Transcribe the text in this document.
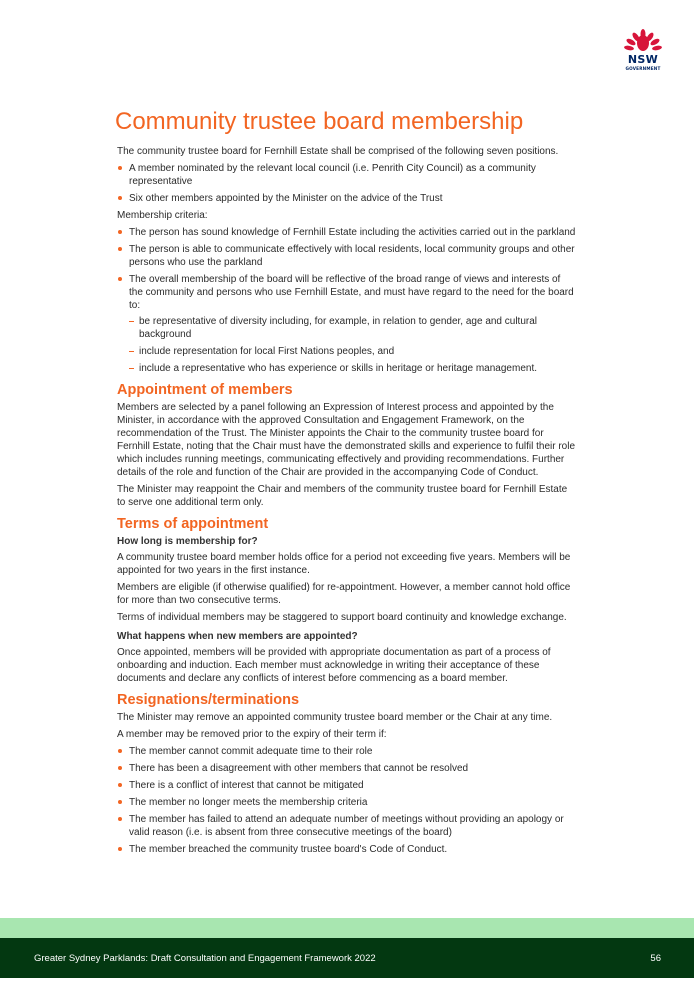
NSW
GOVERNMENT
Community trustee board membership

The community trustee board for Fernhill Estate shall be comprised of the following seven positions.

A member nominated by the relevant local council (i.e. Penrith City Council) as a community representative
Six other members appointed by the Minister on the advice of the Trust

Membership criteria:

The person has sound knowledge of Fernhill Estate including the activities carried out in the parkland
The person is able to communicate effectively with local residents, local community groups and other persons who use the parkland
The overall membership of the board will be reflective of the broad range of views and interests of the community and persons who use Fernhill Estate, and must have regard to the need for the board to:
be representative of diversity including, for example, in relation to gender, age and cultural background
include representation for local First Nations peoples, and
include a representative who has experience or skills in heritage or heritage management.
Appointment of members

Members are selected by a panel following an Expression of Interest process and appointed by the Minister, in accordance with the approved Consultation and Engagement Framework, on the recommendation of the Trust. The Minister appoints the Chair to the community trustee board for Fernhill Estate, noting that the Chair must have the demonstrated skills and experience to fulfil their role which includes running meetings, communicating effectively and providing recommendations. Further details of the role and function of the Chair are provided in the accompanying Code of Conduct.

The Minister may reappoint the Chair and members of the community trustee board for Fernhill Estate to serve one additional term only.

Terms of appointment
How long is membership for?

A community trustee board member holds office for a period not exceeding five years. Members will be appointed for two years in the first instance.

Members are eligible (if otherwise qualified) for re-appointment. However, a member cannot hold office for more than two consecutive terms.

Terms of individual members may be staggered to support board continuity and knowledge exchange.

What happens when new members are appointed?

Once appointed, members will be provided with appropriate documentation as part of a process of onboarding and induction. Each member must acknowledge in writing their acceptance of these documents and declare any conflicts of interest before commencing as a board member.

Resignations/terminations

The Minister may remove an appointed community trustee board member or the Chair at any time.

A member may be removed prior to the expiry of their term if:

The member cannot commit adequate time to their role
There has been a disagreement with other members that cannot be resolved
There is a conflict of interest that cannot be mitigated
The member no longer meets the membership criteria
The member has failed to attend an adequate number of meetings without providing an apology or valid reason (i.e. is absent from three consecutive meetings of the board)
The member breached the community trustee board's Code of Conduct.
Greater Sydney Parklands: Draft Consultation and Engagement Framework 2022	56
